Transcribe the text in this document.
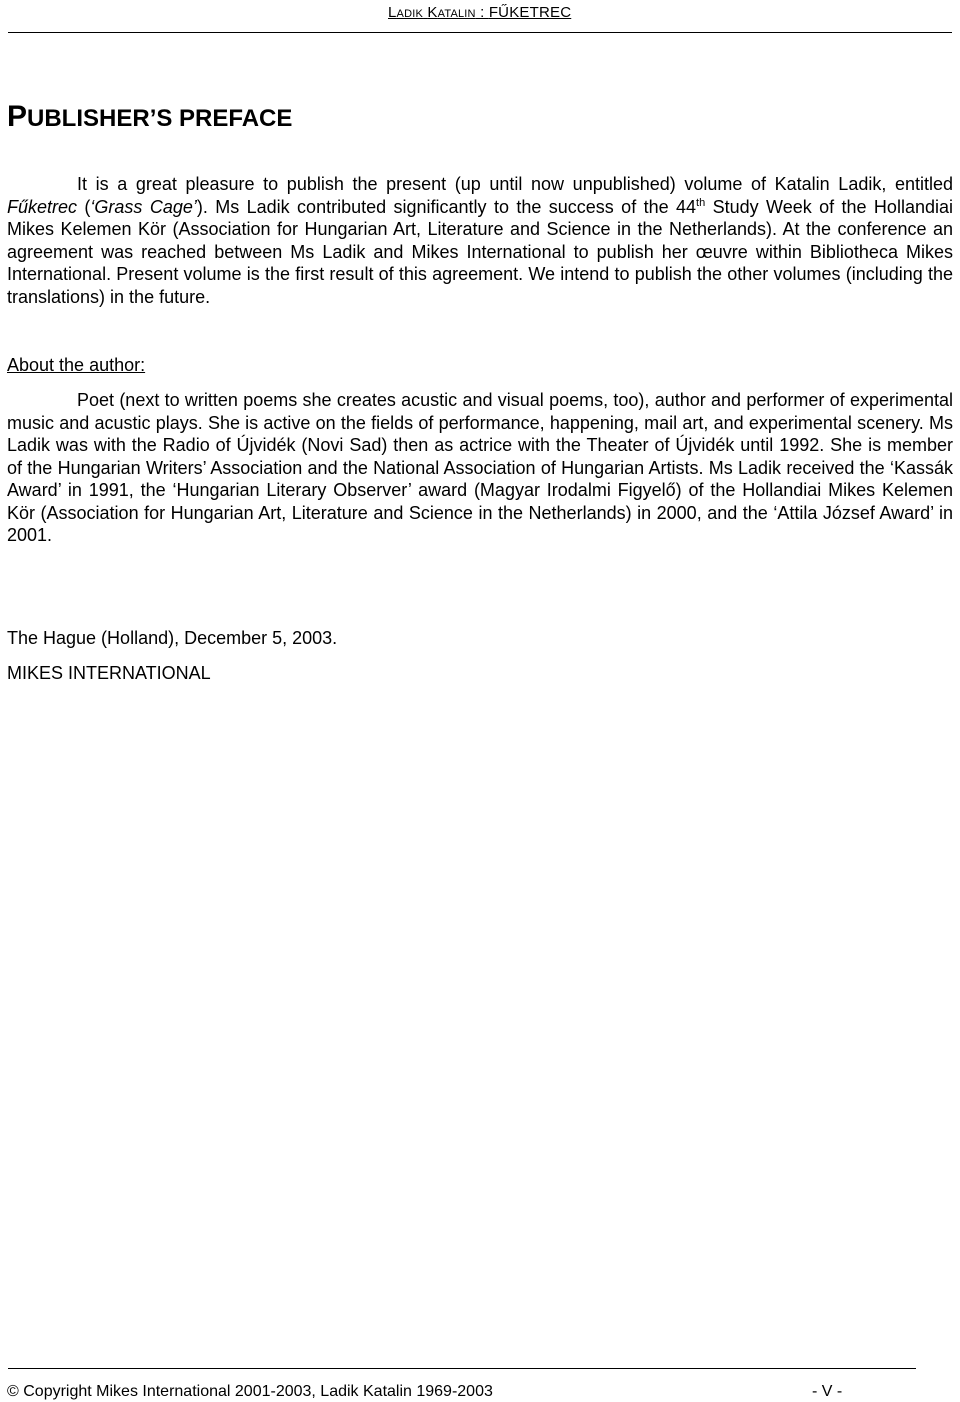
LADIK KATALIN : FŰKETREC
PUBLISHER’S PREFACE

It is a great pleasure to publish the present (up until now unpublished) volume of Katalin Ladik, entitled Fűketrec (‘Grass Cage’). Ms Ladik contributed significantly to the success of the 44th Study Week of the Hollandiai Mikes Kelemen Kör (Association for Hungarian Art, Literature and Science in the Netherlands). At the conference an agreement was reached between Ms Ladik and Mikes International to publish her œuvre within Bibliotheca Mikes International. Present volume is the first result of this agreement. We intend to publish the other volumes (including the translations) in the future.

About the author:

Poet (next to written poems she creates acustic and visual poems, too), author and performer of experimental music and acustic plays. She is active on the fields of performance, happening, mail art, and experimental scenery. Ms Ladik was with the Radio of Újvidék (Novi Sad) then as actrice with the Theater of Újvidék until 1992. She is member of the Hungarian Writers’ Association and the National Association of Hungarian Artists. Ms Ladik received the ‘Kassák Award’ in 1991, the ‘Hungarian Literary Observer’ award (Magyar Irodalmi Figyelő) of the Hollandiai Mikes Kelemen Kör (Association for Hungarian Art, Literature and Science in the Netherlands) in 2000, and the ‘Attila József Award’ in 2001.

The Hague (Holland), December 5, 2003.

MIKES INTERNATIONAL

© Copyright Mikes International 2001-2003, Ladik Katalin 1969-2003	- V -
